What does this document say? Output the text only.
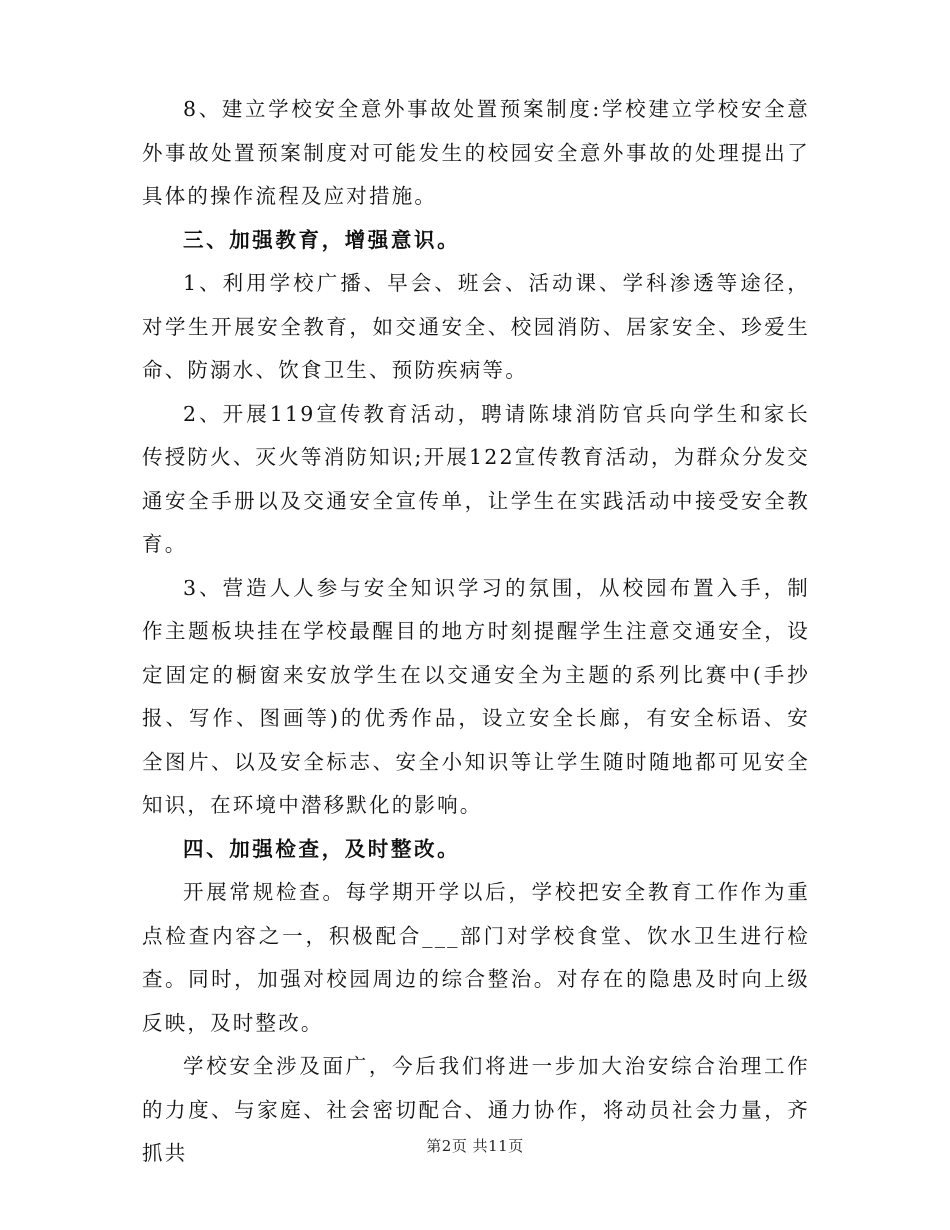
8、建立学校安全意外事故处置预案制度:学校建立学校安全意外事故处置预案制度对可能发生的校园安全意外事故的处理提出了具体的操作流程及应对措施。

三、加强教育，增强意识。

1、利用学校广播、早会、班会、活动课、学科渗透等途径，对学生开展安全教育，如交通安全、校园消防、居家安全、珍爱生命、防溺水、饮食卫生、预防疾病等。

2、开展119宣传教育活动，聘请陈埭消防官兵向学生和家长传授防火、灭火等消防知识;开展122宣传教育活动，为群众分发交通安全手册以及交通安全宣传单，让学生在实践活动中接受安全教育。

3、营造人人参与安全知识学习的氛围，从校园布置入手，制作主题板块挂在学校最醒目的地方时刻提醒学生注意交通安全，设定固定的橱窗来安放学生在以交通安全为主题的系列比赛中(手抄报、写作、图画等)的优秀作品，设立安全长廊，有安全标语、安全图片、以及安全标志、安全小知识等让学生随时随地都可见安全知识，在环境中潜移默化的影响。

四、加强检查，及时整改。

开展常规检查。每学期开学以后，学校把安全教育工作作为重点检查内容之一，积极配合___部门对学校食堂、饮水卫生进行检查。同时，加强对校园周边的综合整治。对存在的隐患及时向上级反映，及时整改。

学校安全涉及面广，今后我们将进一步加大治安综合治理工作的力度、与家庭、社会密切配合、通力协作，将动员社会力量，齐抓共	第2页 共11页
